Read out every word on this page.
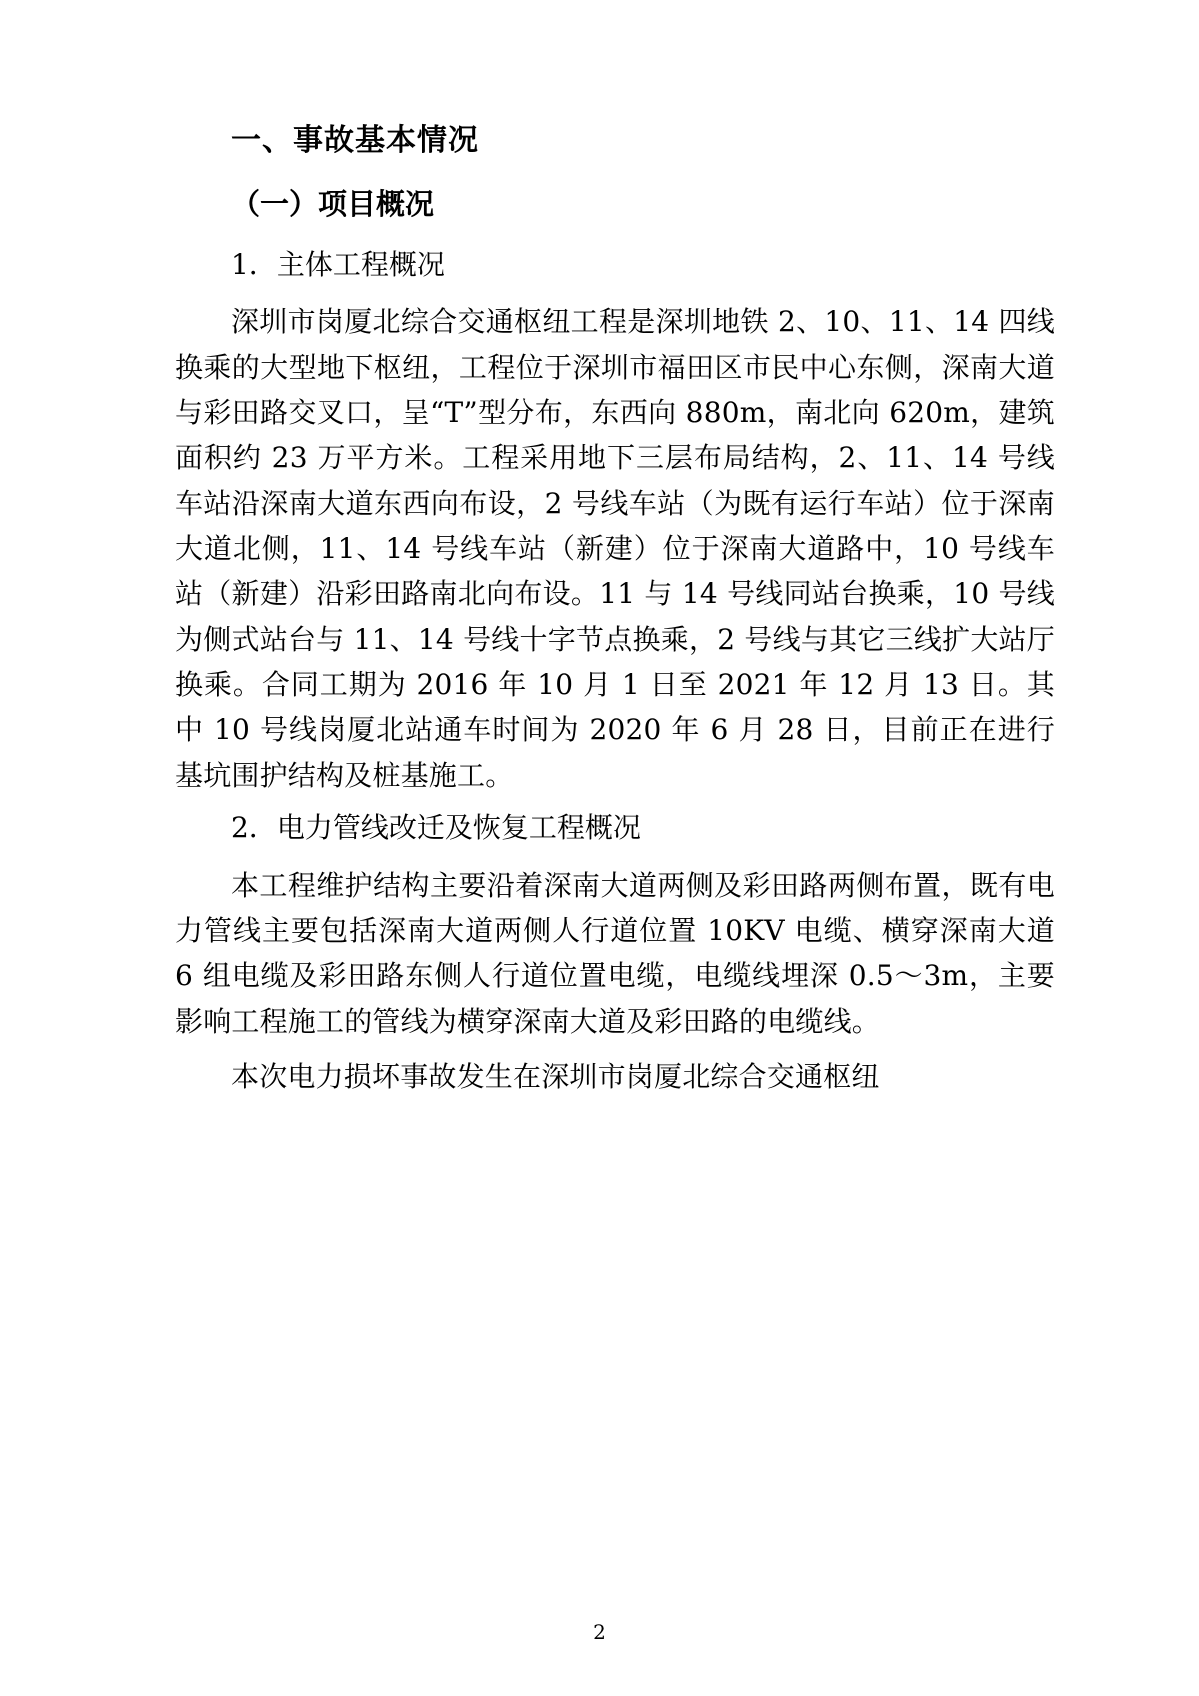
一、事故基本情况
（一）项目概况
1．主体工程概况

深圳市岗厦北综合交通枢纽工程是深圳地铁 2、10、11、14 四线换乘的大型地下枢纽，工程位于深圳市福田区市民中心东侧，深南大道与彩田路交叉口，呈“T”型分布，东西向 880m，南北向 620m，建筑面积约 23 万平方米。工程采用地下三层布局结构，2、11、14 号线车站沿深南大道东西向布设，2 号线车站（为既有运行车站）位于深南大道北侧，11、14 号线车站（新建）位于深南大道路中，10 号线车站（新建）沿彩田路南北向布设。11 与 14 号线同站台换乘，10 号线为侧式站台与 11、14 号线十字节点换乘，2 号线与其它三线扩大站厅换乘。合同工期为 2016 年 10 月 1 日至 2021 年 12 月 13 日。其中 10 号线岗厦北站通车时间为 2020 年 6 月 28 日，目前正在进行基坑围护结构及桩基施工。

2．电力管线改迁及恢复工程概况

本工程维护结构主要沿着深南大道两侧及彩田路两侧布置，既有电力管线主要包括深南大道两侧人行道位置 10KV 电缆、横穿深南大道 6 组电缆及彩田路东侧人行道位置电缆，电缆线埋深 0.5～3m，主要影响工程施工的管线为横穿深南大道及彩田路的电缆线。

本次电力损坏事故发生在深圳市岗厦北综合交通枢纽

2
